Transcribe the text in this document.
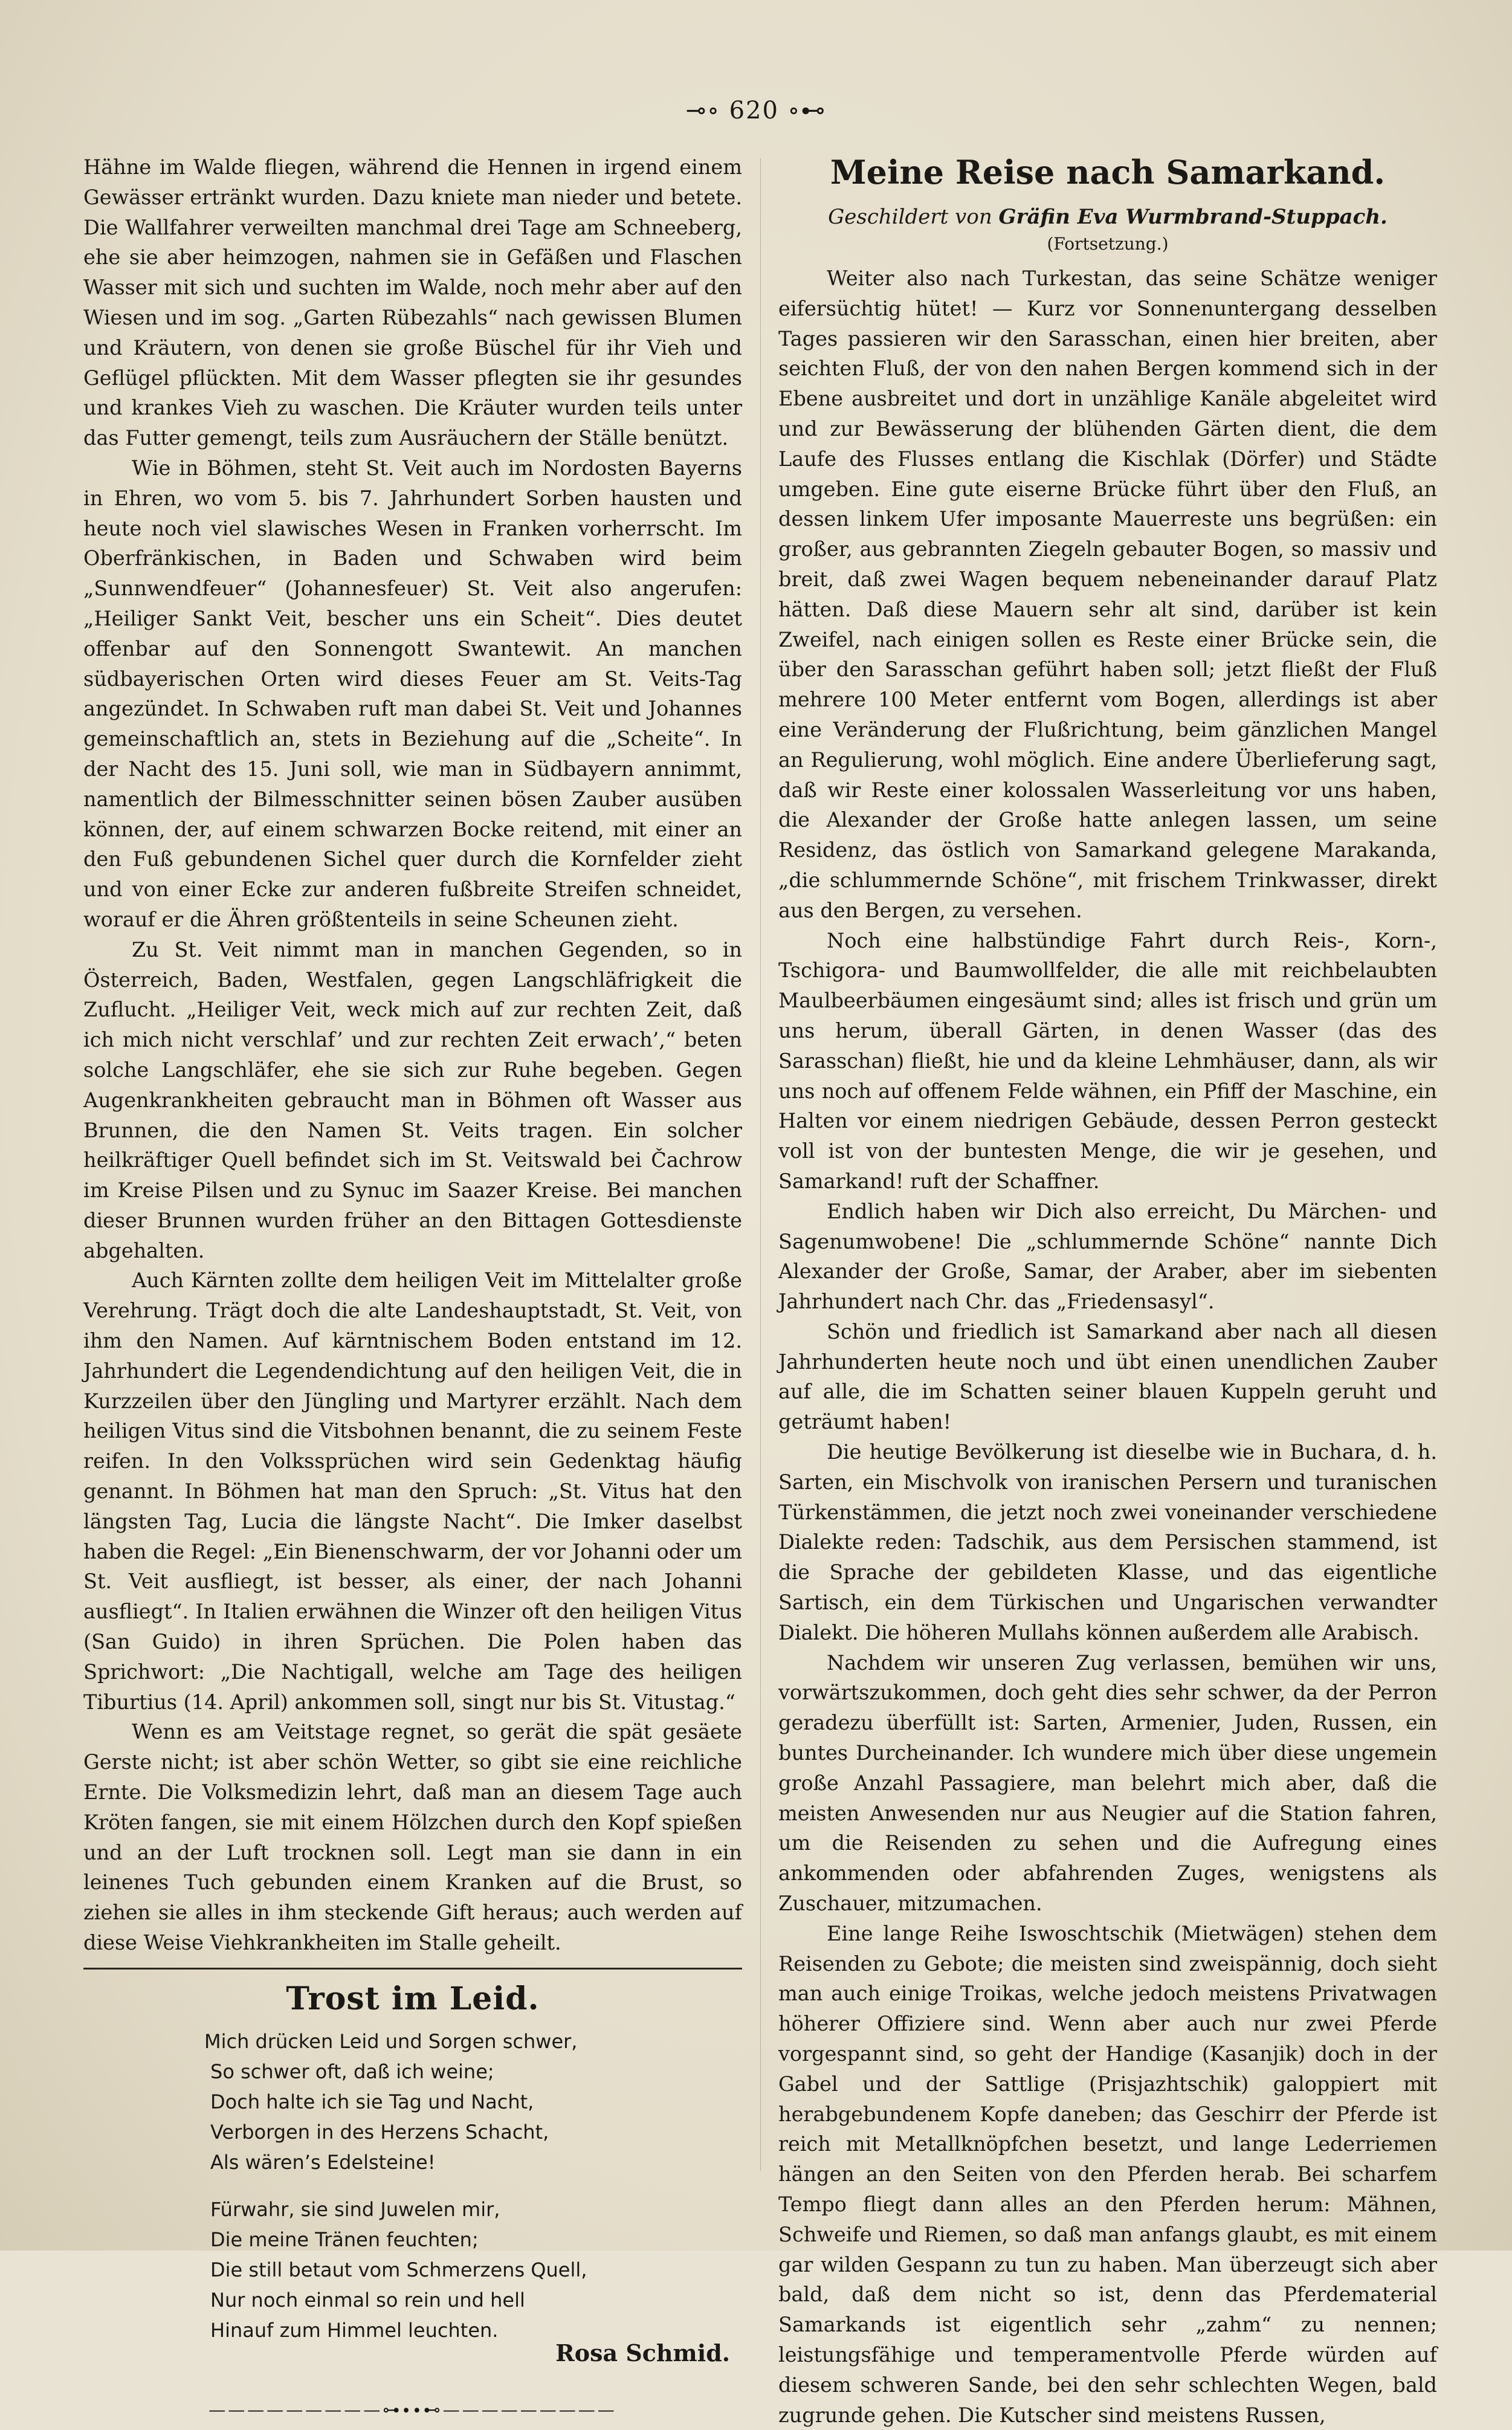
⊸∘ 620 ∘⊷

Hähne im Walde fliegen, während die Hennen in irgend einem Gewässer ertränkt wurden. Dazu kniete man nieder und betete. Die Wallfahrer verweilten manchmal drei Tage am Schneeberg, ehe sie aber heimzogen, nahmen sie in Gefäßen und Flaschen Wasser mit sich und suchten im Walde, noch mehr aber auf den Wiesen und im sog. „Garten Rübezahls“ nach gewissen Blumen und Kräutern, von denen sie große Büschel für ihr Vieh und Geflügel pflückten. Mit dem Wasser pflegten sie ihr gesundes und krankes Vieh zu waschen. Die Kräuter wurden teils unter das Futter gemengt, teils zum Ausräuchern der Ställe benützt.

Wie in Böhmen, steht St. Veit auch im Nordosten Bayerns in Ehren, wo vom 5. bis 7. Jahrhundert Sorben hausten und heute noch viel slawisches Wesen in Franken vorherrscht. Im Oberfränkischen, in Baden und Schwaben wird beim „Sunnwendfeuer“ (Johannesfeuer) St. Veit also angerufen: „Heiliger Sankt Veit, bescher uns ein Scheit“. Dies deutet offenbar auf den Sonnengott Swantewit. An manchen südbayerischen Orten wird dieses Feuer am St. Veits-Tag angezündet. In Schwaben ruft man dabei St. Veit und Johannes gemeinschaftlich an, stets in Beziehung auf die „Scheite“. In der Nacht des 15. Juni soll, wie man in Südbayern annimmt, namentlich der Bilmesschnitter seinen bösen Zauber ausüben können, der, auf einem schwarzen Bocke reitend, mit einer an den Fuß gebundenen Sichel quer durch die Kornfelder zieht und von einer Ecke zur anderen fußbreite Streifen schneidet, worauf er die Ähren größtenteils in seine Scheunen zieht.

Zu St. Veit nimmt man in manchen Gegenden, so in Österreich, Baden, Westfalen, gegen Langschläfrigkeit die Zuflucht. „Heiliger Veit, weck mich auf zur rechten Zeit, daß ich mich nicht verschlaf’ und zur rechten Zeit erwach’,“ beten solche Langschläfer, ehe sie sich zur Ruhe begeben. Gegen Augenkrankheiten gebraucht man in Böhmen oft Wasser aus Brunnen, die den Namen St. Veits tragen. Ein solcher heilkräftiger Quell befindet sich im St. Veitswald bei Čachrow im Kreise Pilsen und zu Synuc im Saazer Kreise. Bei manchen dieser Brunnen wurden früher an den Bittagen Gottesdienste abgehalten.

Auch Kärnten zollte dem heiligen Veit im Mittelalter große Verehrung. Trägt doch die alte Landeshauptstadt, St. Veit, von ihm den Namen. Auf kärntnischem Boden entstand im 12. Jahrhundert die Legendendichtung auf den heiligen Veit, die in Kurzzeilen über den Jüngling und Martyrer erzählt. Nach dem heiligen Vitus sind die Vitsbohnen benannt, die zu seinem Feste reifen. In den Volkssprüchen wird sein Gedenktag häufig genannt. In Böhmen hat man den Spruch: „St. Vitus hat den längsten Tag, Lucia die längste Nacht“. Die Imker daselbst haben die Regel: „Ein Bienenschwarm, der vor Johanni oder um St. Veit ausfliegt, ist besser, als einer, der nach Johanni ausfliegt“. In Italien erwähnen die Winzer oft den heiligen Vitus (San Guido) in ihren Sprüchen. Die Polen haben das Sprichwort: „Die Nachtigall, welche am Tage des heiligen Tiburtius (14. April) ankommen soll, singt nur bis St. Vitustag.“

Wenn es am Veitstage regnet, so gerät die spät gesäete Gerste nicht; ist aber schön Wetter, so gibt sie eine reichliche Ernte. Die Volksmedizin lehrt, daß man an diesem Tage auch Kröten fangen, sie mit einem Hölzchen durch den Kopf spießen und an der Luft trocknen soll. Legt man sie dann in ein leinenes Tuch gebunden einem Kranken auf die Brust, so ziehen sie alles in ihm steckende Gift heraus; auch werden auf diese Weise Viehkrankheiten im Stalle geheilt.

Trost im Leid.
Mich drücken Leid und Sorgen schwer,
So schwer oft, daß ich weine;
Doch halte ich sie Tag und Nacht,
Verborgen in des Herzens Schacht,
Als wären’s Edelsteine!
Fürwahr, sie sind Juwelen mir,
Die meine Tränen feuchten;
Die still betaut vom Schmerzens Quell,
Nur noch einmal so rein und hell
Hinauf zum Himmel leuchten.
Rosa Schmid.
—————————⊶∙∙⊷—————————
Meine Reise nach Samarkand.
Geschildert von Gräfin Eva Wurmbrand-Stuppach.
(Fortsetzung.)

Weiter also nach Turkestan, das seine Schätze weniger eifersüchtig hütet! — Kurz vor Sonnenuntergang desselben Tages passieren wir den Sarasschan, einen hier breiten, aber seichten Fluß, der von den nahen Bergen kommend sich in der Ebene ausbreitet und dort in unzählige Kanäle abgeleitet wird und zur Bewässerung der blühenden Gärten dient, die dem Laufe des Flusses entlang die Kischlak (Dörfer) und Städte umgeben. Eine gute eiserne Brücke führt über den Fluß, an dessen linkem Ufer imposante Mauerreste uns begrüßen: ein großer, aus gebrannten Ziegeln gebauter Bogen, so massiv und breit, daß zwei Wagen bequem nebeneinander darauf Platz hätten. Daß diese Mauern sehr alt sind, darüber ist kein Zweifel, nach einigen sollen es Reste einer Brücke sein, die über den Sarasschan geführt haben soll; jetzt fließt der Fluß mehrere 100 Meter entfernt vom Bogen, allerdings ist aber eine Veränderung der Flußrichtung, beim gänzlichen Mangel an Regulierung, wohl möglich. Eine andere Überlieferung sagt, daß wir Reste einer kolossalen Wasserleitung vor uns haben, die Alexander der Große hatte anlegen lassen, um seine Residenz, das östlich von Samarkand gelegene Marakanda, „die schlummernde Schöne“, mit frischem Trinkwasser, direkt aus den Bergen, zu versehen.

Noch eine halbstündige Fahrt durch Reis-, Korn-, Tschigora- und Baumwollfelder, die alle mit reichbelaubten Maulbeerbäumen eingesäumt sind; alles ist frisch und grün um uns herum, überall Gärten, in denen Wasser (das des Sarasschan) fließt, hie und da kleine Lehmhäuser, dann, als wir uns noch auf offenem Felde wähnen, ein Pfiff der Maschine, ein Halten vor einem niedrigen Gebäude, dessen Perron gesteckt voll ist von der buntesten Menge, die wir je gesehen, und Samarkand! ruft der Schaffner.

Endlich haben wir Dich also erreicht, Du Märchen- und Sagenumwobene! Die „schlummernde Schöne“ nannte Dich Alexander der Große, Samar, der Araber, aber im siebenten Jahrhundert nach Chr. das „Friedensasyl“.

Schön und friedlich ist Samarkand aber nach all diesen Jahrhunderten heute noch und übt einen unendlichen Zauber auf alle, die im Schatten seiner blauen Kuppeln geruht und geträumt haben!

Die heutige Bevölkerung ist dieselbe wie in Buchara, d. h. Sarten, ein Mischvolk von iranischen Persern und turanischen Türkenstämmen, die jetzt noch zwei voneinander verschiedene Dialekte reden: Tadschik, aus dem Persischen stammend, ist die Sprache der gebildeten Klasse, und das eigentliche Sartisch, ein dem Türkischen und Ungarischen verwandter Dialekt. Die höheren Mullahs können außerdem alle Arabisch.

Nachdem wir unseren Zug verlassen, bemühen wir uns, vorwärtszukommen, doch geht dies sehr schwer, da der Perron geradezu überfüllt ist: Sarten, Armenier, Juden, Russen, ein buntes Durcheinander. Ich wundere mich über diese ungemein große Anzahl Passagiere, man belehrt mich aber, daß die meisten Anwesenden nur aus Neugier auf die Station fahren, um die Reisenden zu sehen und die Aufregung eines ankommenden oder abfahrenden Zuges, wenigstens als Zuschauer, mitzumachen.

Eine lange Reihe Iswoschtschik (Mietwägen) stehen dem Reisenden zu Gebote; die meisten sind zweispännig, doch sieht man auch einige Troikas, welche jedoch meistens Privatwagen höherer Offiziere sind. Wenn aber auch nur zwei Pferde vorgespannt sind, so geht der Handige (Kasanjik) doch in der Gabel und der Sattlige (Prisjazhtschik) galoppiert mit herabgebundenem Kopfe daneben; das Geschirr der Pferde ist reich mit Metallknöpfchen besetzt, und lange Lederriemen hängen an den Seiten von den Pferden herab. Bei scharfem Tempo fliegt dann alles an den Pferden herum: Mähnen, Schweife und Riemen, so daß man anfangs glaubt, es mit einem gar wilden Gespann zu tun zu haben. Man überzeugt sich aber bald, daß dem nicht so ist, denn das Pferdematerial Samarkands ist eigentlich sehr „zahm“ zu nennen; leistungsfähige und temperamentvolle Pferde würden auf diesem schweren Sande, bei den sehr schlechten Wegen, bald zugrunde gehen. Die Kutscher sind meistens Russen,
